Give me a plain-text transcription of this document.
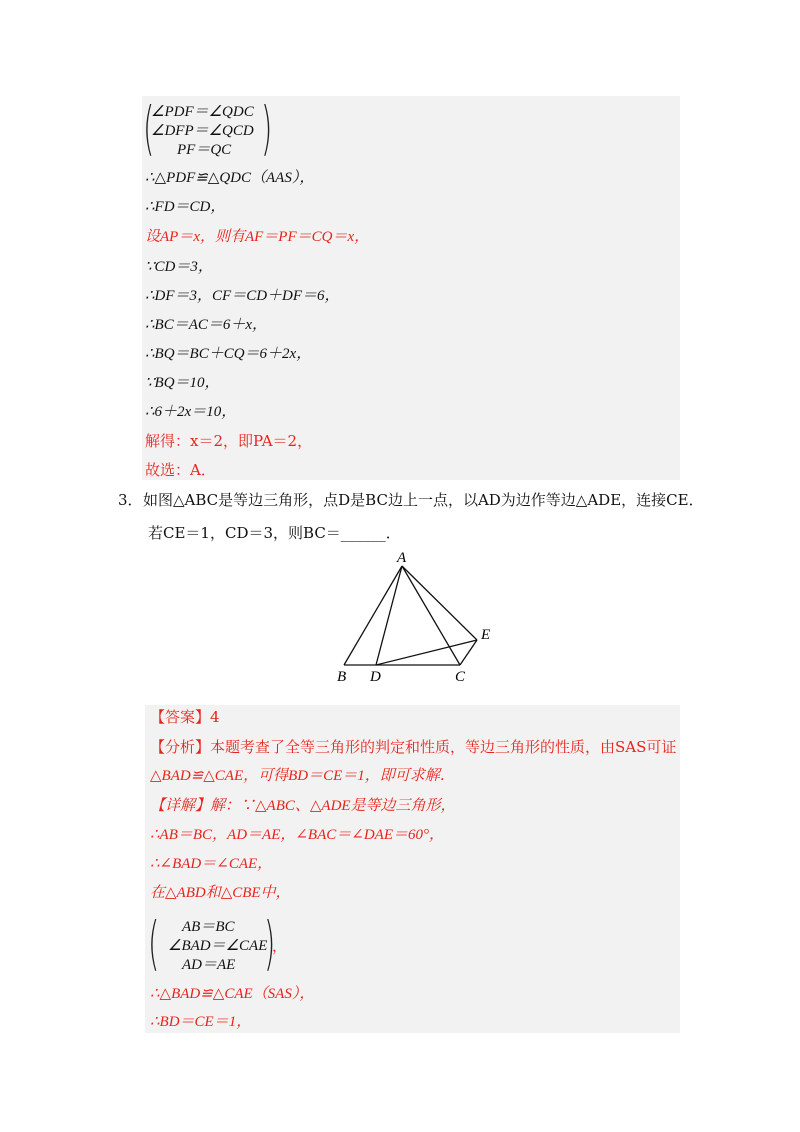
(
∠PDF＝∠QDC
∠DFP＝∠QCD
PF＝QC )
∴△PDF≌△QDC（AAS），
∴FD＝CD，
设AP＝x，则有AF＝PF＝CQ＝x，
∵CD＝3，
∴DF＝3，CF＝CD＋DF＝6，
∴BC＝AC＝6＋x，
∴BQ＝BC＋CQ＝6＋2x，
∵BQ＝10，
∴6＋2x＝10，
解得：x＝2，即PA＝2，
故选：A．
3． 如图△ABC是等边三角形，点D是BC边上一点，以AD为边作等边△ADE，连接CE．
若CE＝1，CD＝3，则BC＝______．
A
B D	C
E
【答案】4
【分析】本题考查了全等三角形的判定和性质，等边三角形的性质，由SAS可证
△BAD≌△CAE，可得BD＝CE＝1，即可求解．
【详解】解：∵△ABC、△ADE是等边三角形，
∴AB＝BC，AD＝AE，∠BAC＝∠DAE＝60°，
∴∠BAD＝∠CAE，
在△ABD和△CBE中，
( AB＝BC
∠BAD＝∠CAE
AD＝AE )
，
∴△BAD≌△CAE（SAS），
∴BD＝CE＝1，
